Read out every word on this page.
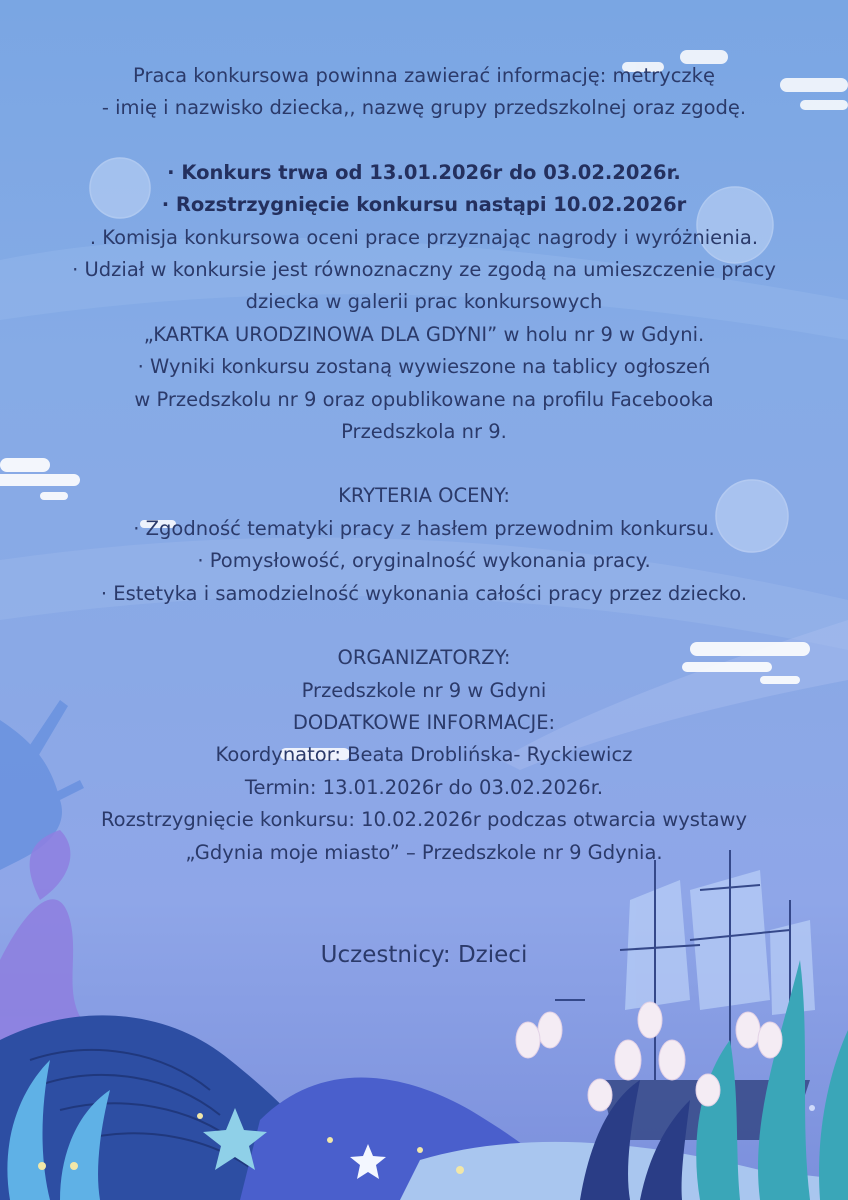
Praca konkursowa powinna zawierać informację: metryczkę
- imię i nazwisko dziecka,, nazwę grupy przedszkolnej oraz zgodę.
· Konkurs trwa od 13.01.2026r do 03.02.2026r.
· Rozstrzygnięcie konkursu nastąpi 10.02.2026r
. Komisja konkursowa oceni prace przyznając nagrody i wyróżnienia.
· Udział w konkursie jest równoznaczny ze zgodą na umieszczenie pracy
dziecka w galerii prac konkursowych
„KARTKA URODZINOWA DLA GDYNI” w holu nr 9 w Gdyni.
· Wyniki konkursu zostaną wywieszone na tablicy ogłoszeń
w Przedszkolu nr 9 oraz opublikowane na profilu Facebooka
Przedszkola nr 9.
KRYTERIA OCENY:
· Zgodność tematyki pracy z hasłem przewodnim konkursu.
· Pomysłowość, oryginalność wykonania pracy.
· Estetyka i samodzielność wykonania całości pracy przez dziecko.
ORGANIZATORZY:
Przedszkole nr 9 w Gdyni
DODATKOWE INFORMACJE:
Koordynator: Beata Droblińska- Ryckiewicz
Termin: 13.01.2026r do 03.02.2026r.
Rozstrzygnięcie konkursu: 10.02.2026r podczas otwarcia wystawy
„Gdynia moje miasto” – Przedszkole nr 9 Gdynia.
Uczestnicy: Dzieci
